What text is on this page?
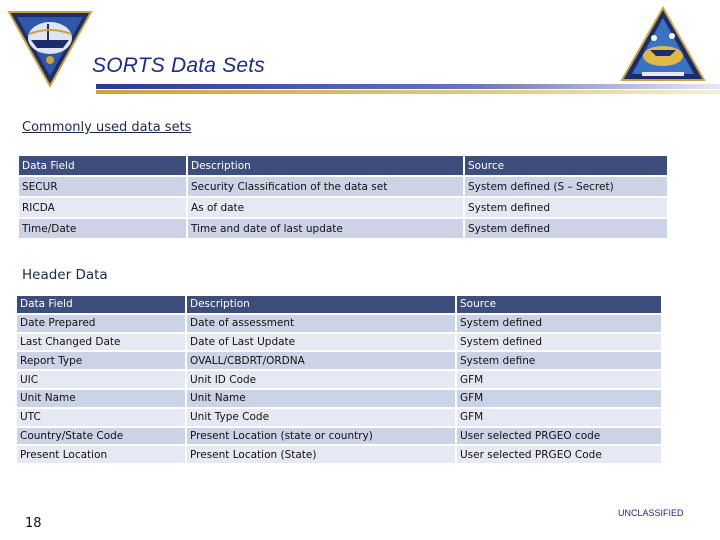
SORTS Data Sets
Commonly used data sets
Data Field	Description	Source
SECUR	Security Classification of the data set	System defined (S – Secret)
RICDA	As of date	System defined
Time/Date	Time and date of last update	System defined
Header Data
Data Field	Description	Source
Date Prepared	Date of assessment	System defined
Last Changed Date	Date of Last Update	System defined
Report Type	OVALL/CBDRT/ORDNA	System define
UIC	Unit ID Code	GFM
Unit Name	Unit Name	GFM
UTC	Unit Type Code	GFM
Country/State Code	Present Location (state or country)	User selected PRGEO code
Present Location	Present Location (State)	User selected PRGEO Code
18
UNCLASSIFIED
